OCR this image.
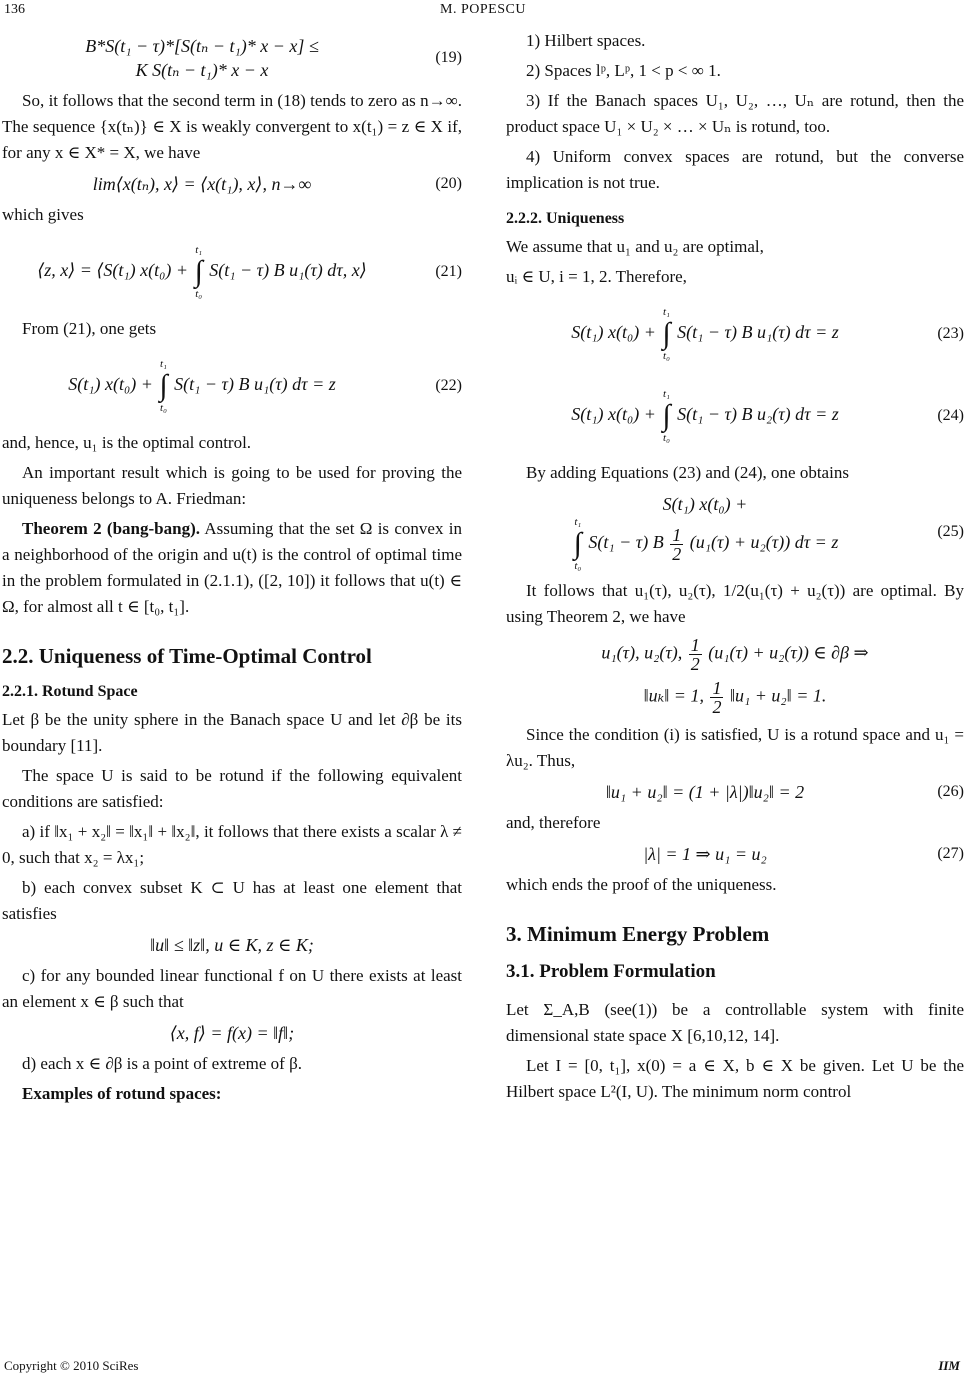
136	M. POPESCU
B*S(t₁ − τ)*[S(tₙ − t₁)* x − x] ≤
K S(tₙ − t₁)* x − x
(19)

So, it follows that the second term in (18) tends to zero as n→∞. The sequence {x(tₙ)} ∈ X is weakly convergent to x(t₁) = z ∈ X if, for any x ∈ X* = X, we have

lim⟨x(tₙ), x⟩ = ⟨x(t₁), x⟩, n→∞	(20)

which gives

⟨z, x⟩ = ⟨S(t₁) x(t₀) +
t₁
∫
t₀
S(t₁ − τ) B u₁(τ) dτ, x⟩	(21)

From (21), one gets

S(t₁) x(t₀) +
t₁
∫
t₀
S(t₁ − τ) B u₁(τ) dτ = z	(22)

and, hence, u₁ is the optimal control.

An important result which is going to be used for proving the uniqueness belongs to A. Friedman:

Theorem 2 (bang-bang). Assuming that the set Ω is convex in a neighborhood of the origin and u(t) is the control of optimal time in the problem formulated in (2.1.1), ([2, 10]) it follows that u(t) ∈ Ω, for almost all t ∈ [t₀, t₁].

2.2. Uniqueness of Time-Optimal Control
2.2.1. Rotund Space

Let β be the unity sphere in the Banach space U and let ∂β be its boundary [11].

The space U is said to be rotund if the following equivalent conditions are satisfied:

a) if ‖x₁ + x₂‖ = ‖x₁‖ + ‖x₂‖, it follows that there exists a scalar λ ≠ 0, such that x₂ = λx₁;

b) each convex subset K ⊂ U has at least one element that satisfies

‖u‖ ≤ ‖z‖, u ∈ K, z ∈ K;

c) for any bounded linear functional f on U there exists at least an element x ∈ β such that

⟨x, f⟩ = f(x) = ‖f‖;

d) each x ∈ ∂β is a point of extreme of β.

Examples of rotund spaces:

1) Hilbert spaces.

2) Spaces lᵖ, Lᵖ, 1 < p < ∞ 1.

3) If the Banach spaces U₁, U₂, …, Uₙ are rotund, then the product space U₁ × U₂ × … × Uₙ is rotund, too.

4) Uniform convex spaces are rotund, but the converse implication is not true.

2.2.2. Uniqueness

We assume that u₁ and u₂ are optimal,

uᵢ ∈ U, i = 1, 2. Therefore,

S(t₁) x(t₀) +
t₁
∫
t₀
S(t₁ − τ) B u₁(τ) dτ = z	(23)
S(t₁) x(t₀) +
t₁
∫
t₀
S(t₁ − τ) B u₂(τ) dτ = z	(24)

By adding Equations (23) and (24), one obtains

S(t₁) x(t₀) +
t₁
∫
t₀
S(t₁ − τ) B $\frac{1}{2} (u_1(\tau) + u_2(\tau)) d\tau = z$
(25)

It follows that u₁(τ), u₂(τ), 1/2(u₁(τ) + u₂(τ)) are optimal. By using Theorem 2, we have

u₁(τ), u₂(τ), $\frac{1}{2} (u_1(\tau) + u_2(\tau))$ ∈ ∂β ⇒
‖uₖ‖ = 1, $\frac{1}{2}$ ‖u₁ + u₂‖ = 1.

Since the condition (i) is satisfied, U is a rotund space and u₁ = λu₂. Thus,

‖u₁ + u₂‖ = (1 + |λ|)‖u₂‖ = 2	(26)

and, therefore

|λ| = 1 ⇒ u₁ = u₂	(27)

which ends the proof of the uniqueness.

3. Minimum Energy Problem
3.1. Problem Formulation

Let Σ_A,B (see(1)) be a controllable system with finite dimensional state space X [6,10,12, 14].

Let I = [0, t₁], x(0) = a ∈ X, b ∈ X be given. Let U be the Hilbert space L²(I, U). The minimum norm control

Copyright © 2010 SciRes	IIM
